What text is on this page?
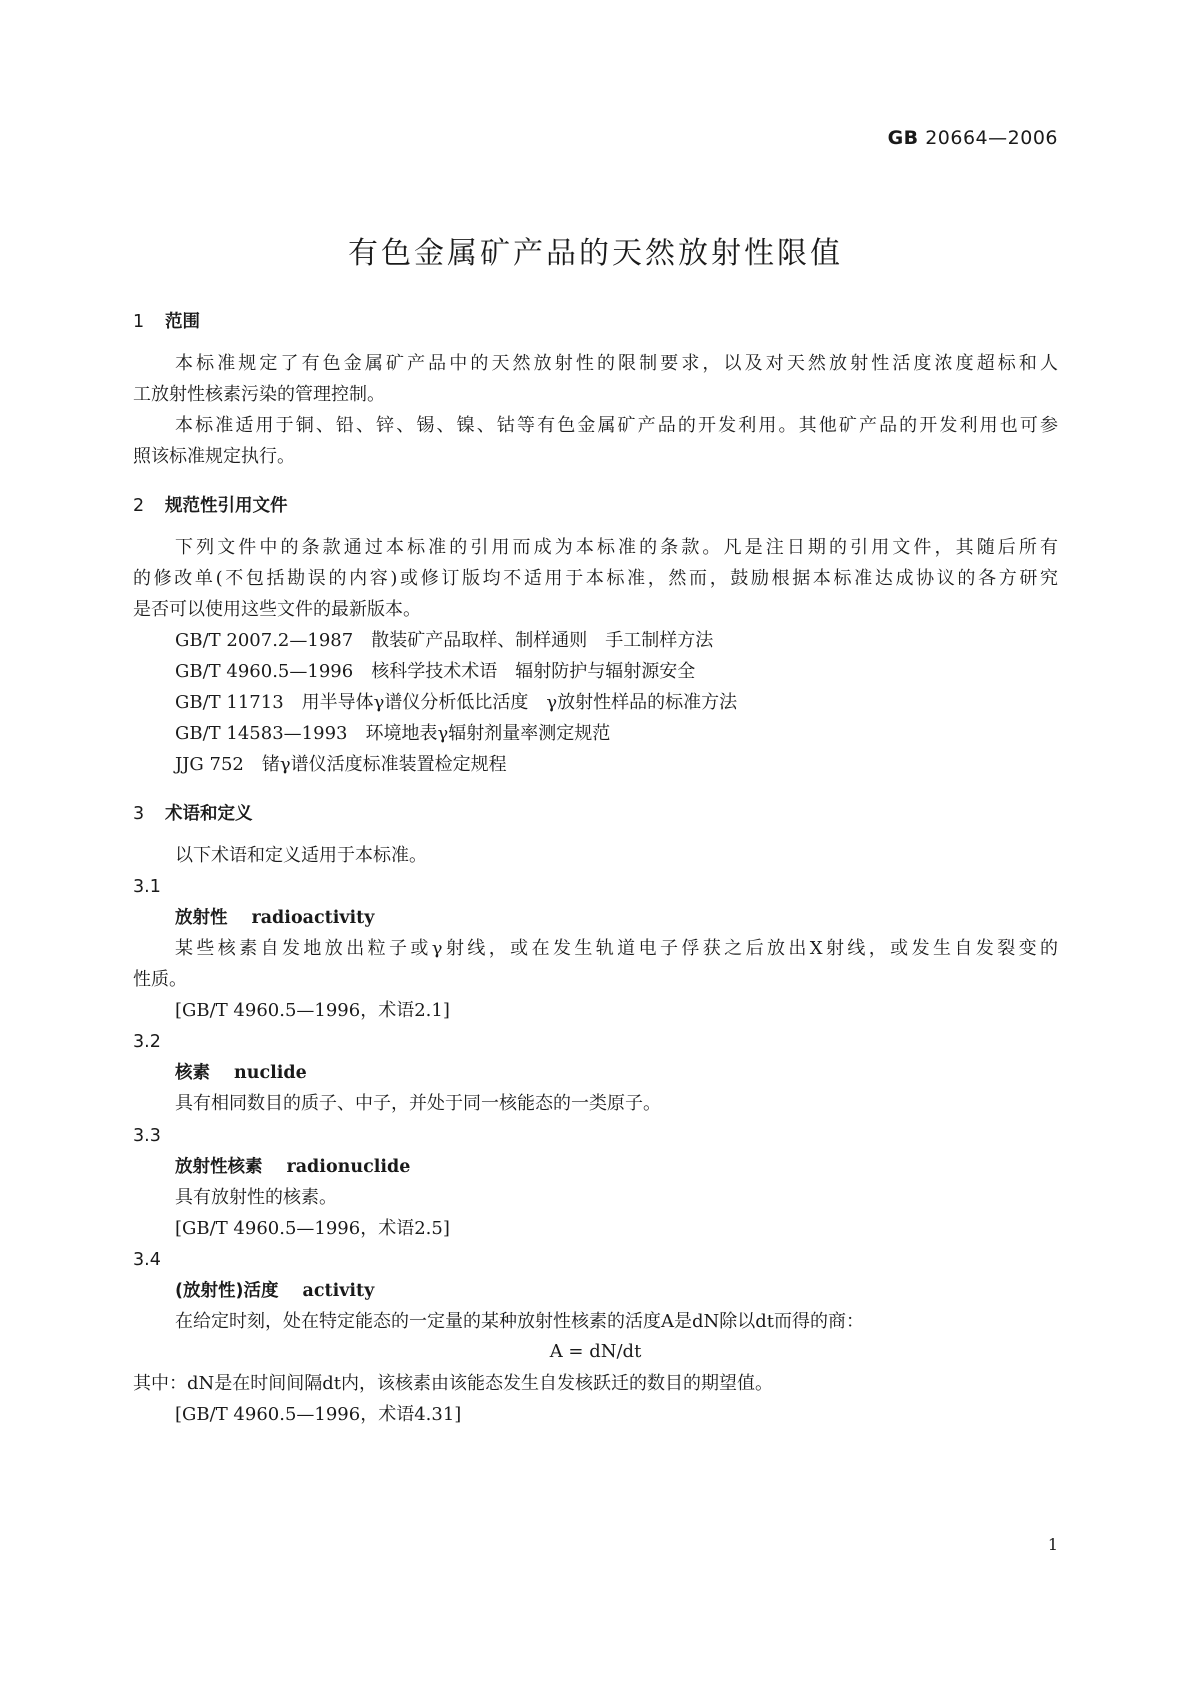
GB 20664—2006
有色金属矿产品的天然放射性限值
1 范围
本标准规定了有色金属矿产品中的天然放射性的限制要求，以及对天然放射性活度浓度超标和人
工放射性核素污染的管理控制。
本标准适用于铜、铅、锌、锡、镍、钴等有色金属矿产品的开发利用。其他矿产品的开发利用也可参
照该标准规定执行。
2 规范性引用文件
下列文件中的条款通过本标准的引用而成为本标准的条款。凡是注日期的引用文件，其随后所有
的修改单(不包括勘误的内容)或修订版均不适用于本标准，然而，鼓励根据本标准达成协议的各方研究
是否可以使用这些文件的最新版本。
GB/T 2007.2—1987　 散装矿产品取样、制样通则　手工制样方法
GB/T 4960.5—1996　 核科学技术术语　辐射防护与辐射源安全
GB/T 11713　 用半导体γ谱仪分析低比活度　γ放射性样品的标准方法
GB/T 14583—1993　 环境地表γ辐射剂量率测定规范
JJG 752　 锗γ谱仪活度标准装置检定规程
3 术语和定义
以下术语和定义适用于本标准。
3.1
放射性 radioactivity
某些核素自发地放出粒子或γ射线，或在发生轨道电子俘获之后放出X射线，或发生自发裂变的
性质。
[GB/T 4960.5—1996，术语2.1]
3.2
核素 nuclide
具有相同数目的质子、中子，并处于同一核能态的一类原子。
3.3
放射性核素 radionuclide
具有放射性的核素。
[GB/T 4960.5—1996，术语2.5]
3.4
(放射性)活度 activity
在给定时刻，处在特定能态的一定量的某种放射性核素的活度A是dN除以dt而得的商：
A = dN/dt
其中：dN是在时间间隔dt内，该核素由该能态发生自发核跃迁的数目的期望值。
[GB/T 4960.5—1996，术语4.31]
1
